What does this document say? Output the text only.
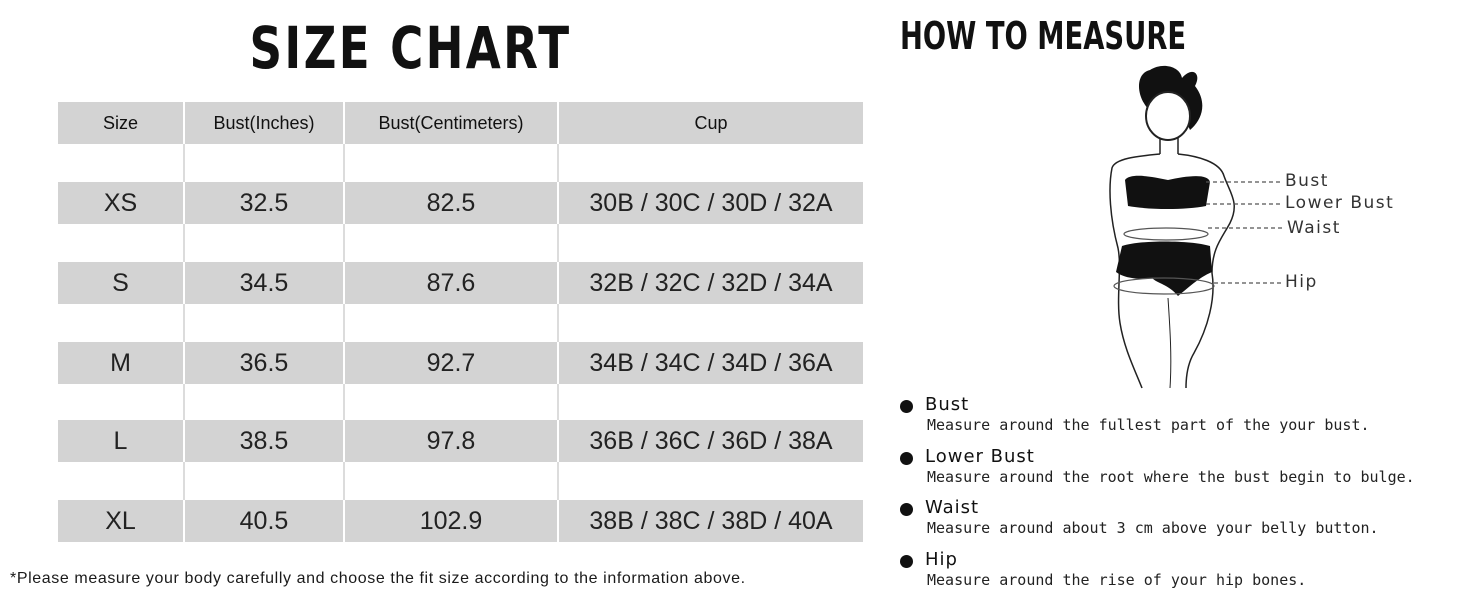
SIZE CHART
Size	Bust(Inches)	Bust(Centimeters)	Cup
XS	32.5	82.5	30B / 30C / 30D / 32A
S	34.5	87.6	32B / 32C / 32D / 34A
M	36.5	92.7	34B / 34C / 34D / 36A
L	38.5	97.8	36B / 36C / 36D / 38A
XL	40.5	102.9	38B / 38C / 38D / 40A
*Please measure your body carefully and choose the fit size according to the information above.
HOW TO MEASURE
Bust
Lower Bust
Waist
Hip
Bust
Measure around the fullest part of the your bust.
Lower Bust
Measure around the root where the bust begin to bulge.
Waist
Measure around about 3 cm above your belly button.
Hip
Measure around the rise of your hip bones.
